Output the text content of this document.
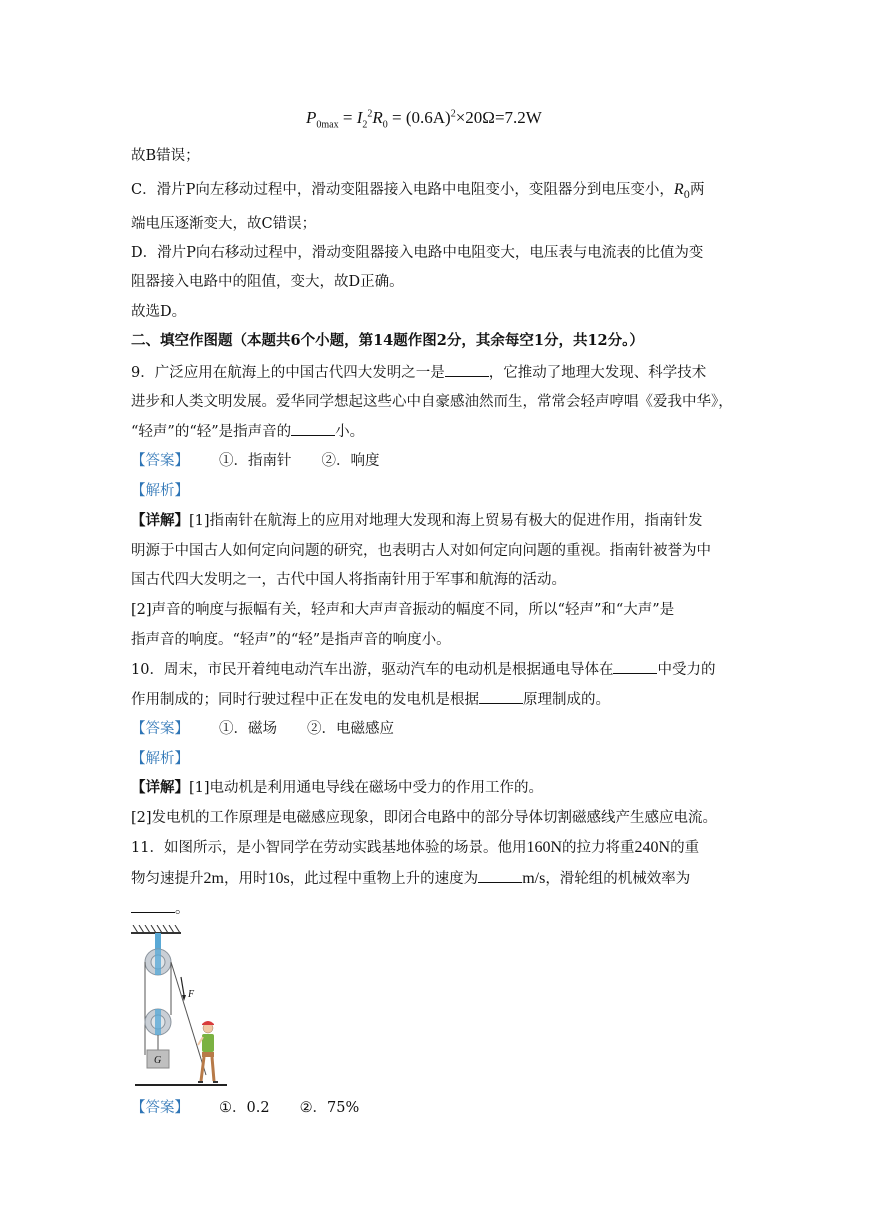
$P_{0max} = I_2^2R_0 = (0.6A)^2\times 20\Omega=7.2W$
故B错误；
C．滑片P向左移动过程中，滑动变阻器接入电路中电阻变小，变阻器分到电压变小，$R_0$两
端电压逐渐变大，故C错误；
D．滑片P向右移动过程中，滑动变阻器接入电路中电阻变大，电压表与电流表的比值为变
阻器接入电路中的阻值，变大，故D正确。
故选D。
二、填空作图题（本题共6个小题，第14题作图2分，其余每空1分，共12分。）
9．广泛应用在航海上的中国古代四大发明之一是	，它推动了地理大发现、科学技术
进步和人类文明发展。爱华同学想起这些心中自豪感油然而生，常常会轻声哼唱《爱我中华》，
“轻声”的“轻”是指声音的	小。
【答案】 ①．指南针 ②．响度
【解析】
【详解】[1]指南针在航海上的应用对地理大发现和海上贸易有极大的促进作用，指南针发
明源于中国古人如何定向问题的研究，也表明古人对如何定向问题的重视。指南针被誉为中
国古代四大发明之一，古代中国人将指南针用于军事和航海的活动。
[2]声音的响度与振幅有关，轻声和大声声音振动的幅度不同，所以“轻声”和“大声”是
指声音的响度。“轻声”的“轻”是指声音的响度小。
10．周末，市民开着纯电动汽车出游，驱动汽车的电动机是根据通电导体在	中受力的
作用制成的；同时行驶过程中正在发电的发电机是根据	原理制成的。
【答案】 ①．磁场 ②．电磁感应
【解析】
【详解】[1]电动机是利用通电导线在磁场中受力的作用工作的。
[2]发电机的工作原理是电磁感应现象，即闭合电路中的部分导体切割磁感线产生感应电流。
11．如图所示，是小智同学在劳动实践基地体验的场景。他用160N的拉力将重240N的重
物匀速提升2m，用时10s，此过程中重物上升的速度为	m/s，滑轮组的机械效率为
。
【答案】 ①．0.2 ②．75%
F
G
